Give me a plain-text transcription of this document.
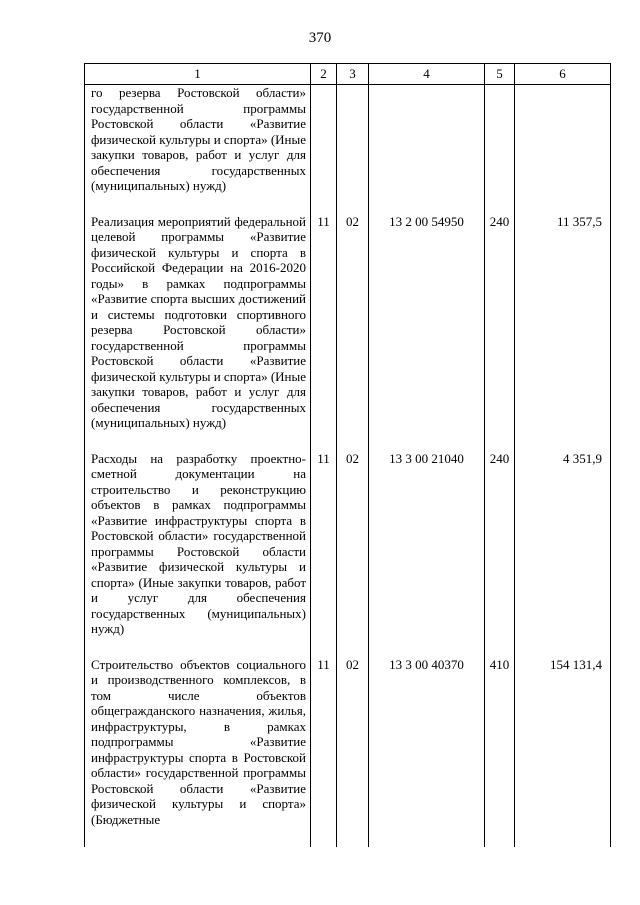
370
1	2	3	4	5	6
го резерва Ростовской области» государственной программы Ростовской области «Развитие физической культуры и спорта» (Иные закупки товаров, работ и услуг для обеспечения государственных (муниципальных) нужд)					
Реализация мероприятий федеральной целевой программы «Развитие физической культуры и спорта в Российской Федерации на 2016-2020 годы» в рамках подпрограммы «Развитие спорта высших достижений и системы подготовки спортивного резерва Ростовской области» государственной программы Ростовской области «Развитие физической культуры и спорта» (Иные закупки товаров, работ и услуг для обеспечения государственных (муниципальных) нужд)	11	02	13 2 00 54950	240	11 357,5
Расходы на разработку проектно-сметной документации на строительство и реконструкцию объектов в рамках подпрограммы «Развитие инфраструктуры спорта в Ростовской области» государственной программы Ростовской области «Развитие физической культуры и спорта» (Иные закупки товаров, работ и услуг для обеспечения государственных (муниципальных) нужд)	11	02	13 3 00 21040	240	4 351,9
Строительство объектов социального и производственного комплексов, в том числе объектов общегражданского назначения, жилья, инфраструктуры, в рамках подпрограммы «Развитие инфраструктуры спорта в Ростовской области» государственной программы Ростовской области «Развитие физической культуры и спорта» (Бюджетные	11	02	13 3 00 40370	410	154 131,4
